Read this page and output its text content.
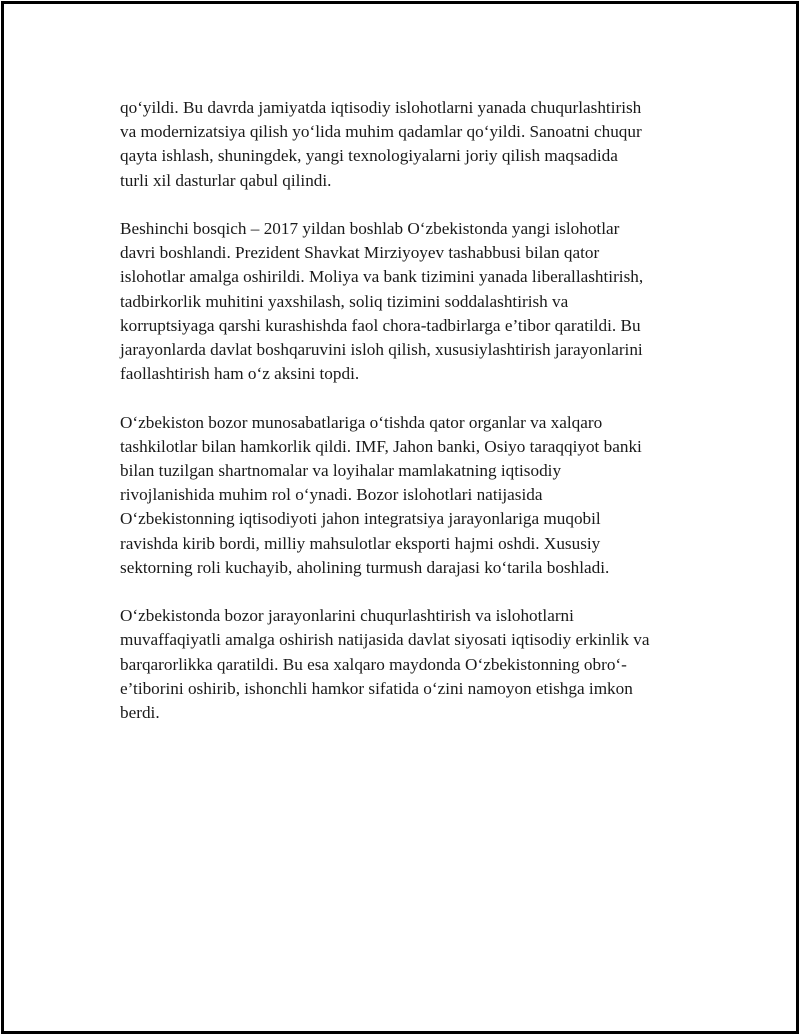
qo‘yildi. Bu davrda jamiyatda iqtisodiy islohotlarni yanada chuqurlashtirish
va modernizatsiya qilish yo‘lida muhim qadamlar qo‘yildi. Sanoatni chuqur
qayta ishlash, shuningdek, yangi texnologiyalarni joriy qilish maqsadida
turli xil dasturlar qabul qilindi.

Beshinchi bosqich – 2017 yildan boshlab O‘zbekistonda yangi islohotlar
davri boshlandi. Prezident Shavkat Mirziyoyev tashabbusi bilan qator
islohotlar amalga oshirildi. Moliya va bank tizimini yanada liberallashtirish,
tadbirkorlik muhitini yaxshilash, soliq tizimini soddalashtirish va
korruptsiyaga qarshi kurashishda faol chora-tadbirlarga e’tibor qaratildi. Bu
jarayonlarda davlat boshqaruvini isloh qilish, xususiylashtirish jarayonlarini
faollashtirish ham o‘z aksini topdi.

O‘zbekiston bozor munosabatlariga o‘tishda qator organlar va xalqaro
tashkilotlar bilan hamkorlik qildi. IMF, Jahon banki, Osiyo taraqqiyot banki
bilan tuzilgan shartnomalar va loyihalar mamlakatning iqtisodiy
rivojlanishida muhim rol o‘ynadi. Bozor islohotlari natijasida
O‘zbekistonning iqtisodiyoti jahon integratsiya jarayonlariga muqobil
ravishda kirib bordi, milliy mahsulotlar eksporti hajmi oshdi. Xususiy
sektorning roli kuchayib, aholining turmush darajasi ko‘tarila boshladi.

O‘zbekistonda bozor jarayonlarini chuqurlashtirish va islohotlarni
muvaffaqiyatli amalga oshirish natijasida davlat siyosati iqtisodiy erkinlik va
barqarorlikka qaratildi. Bu esa xalqaro maydonda O‘zbekistonning obro‘-
e’tiborini oshirib, ishonchli hamkor sifatida o‘zini namoyon etishga imkon
berdi.
